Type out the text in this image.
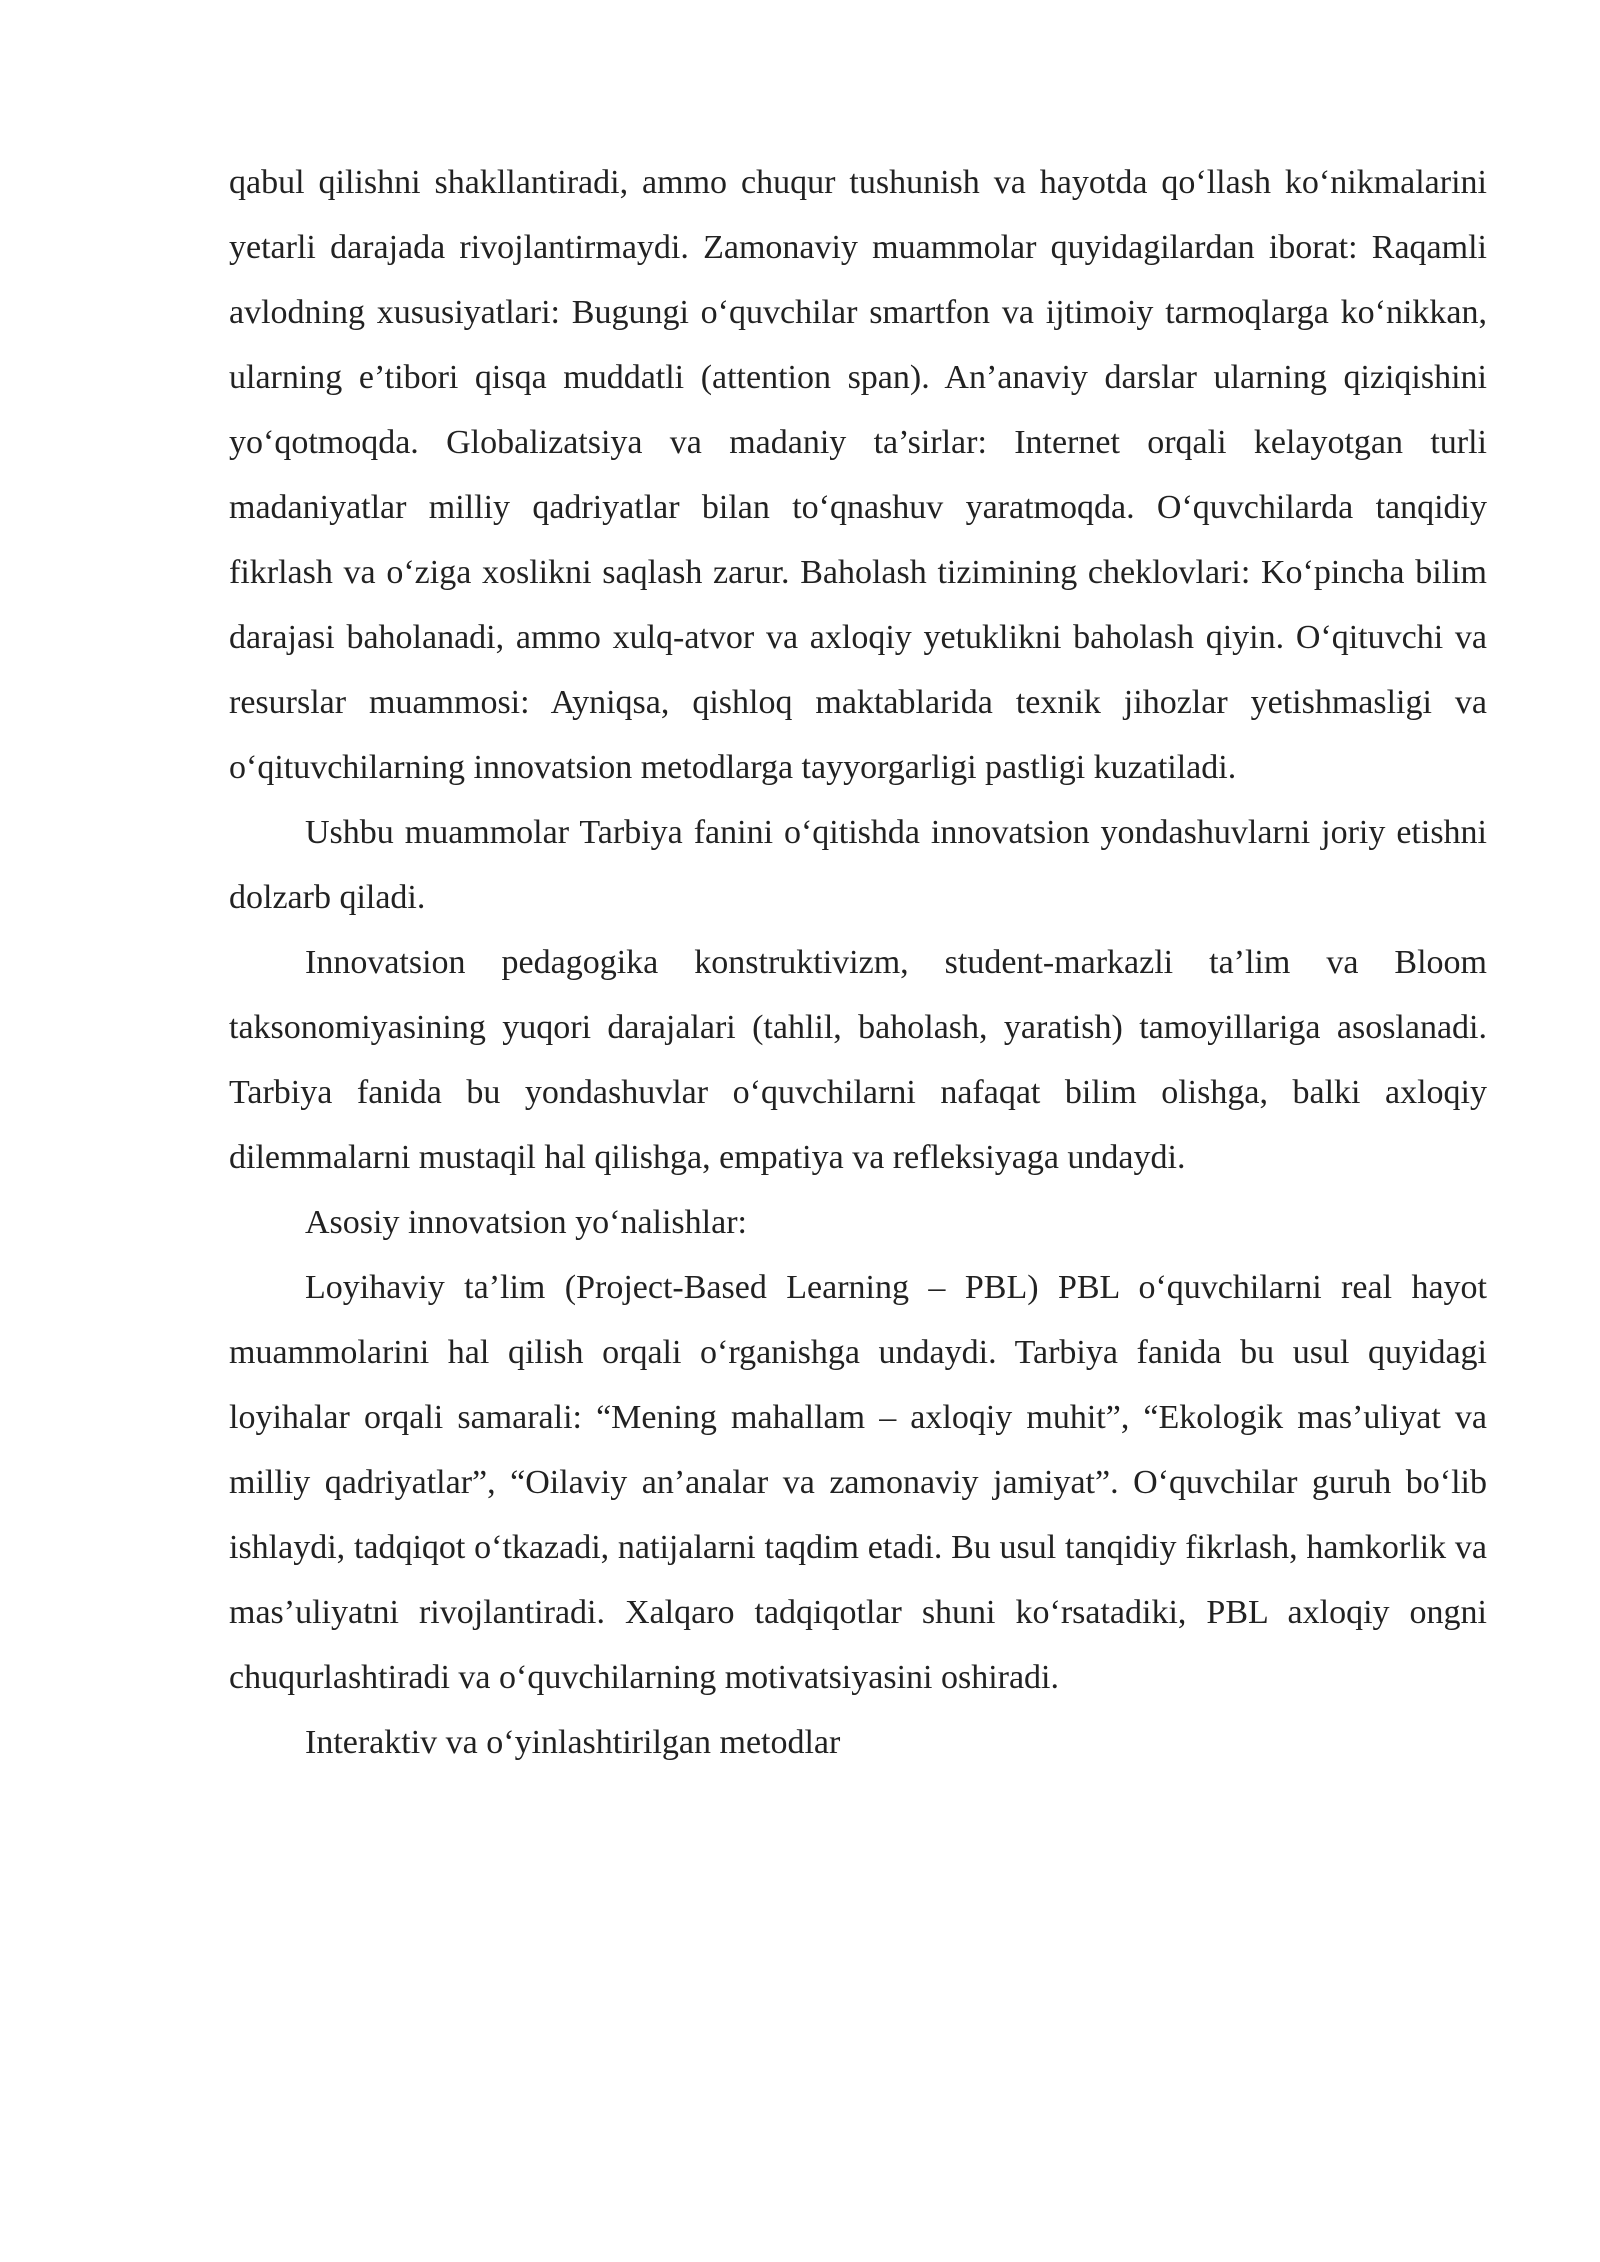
qabul qilishni shakllantiradi, ammo chuqur tushunish va hayotda qo‘llash ko‘nikmalarini yetarli darajada rivojlantirmaydi. Zamonaviy muammolar quyidagilardan iborat: Raqamli avlodning xususiyatlari: Bugungi o‘quvchilar smartfon va ijtimoiy tarmoqlarga ko‘nikkan, ularning e’tibori qisqa muddatli (attention span). An’anaviy darslar ularning qiziqishini yo‘qotmoqda. Globalizatsiya va madaniy ta’sirlar: Internet orqali kelayotgan turli madaniyatlar milliy qadriyatlar bilan to‘qnashuv yaratmoqda. O‘quvchilarda tanqidiy fikrlash va o‘ziga xoslikni saqlash zarur. Baholash tizimining cheklovlari: Ko‘pincha bilim darajasi baholanadi, ammo xulq-atvor va axloqiy yetuklikni baholash qiyin. O‘qituvchi va resurslar muammosi: Ayniqsa, qishloq maktablarida texnik jihozlar yetishmasligi va o‘qituvchilarning innovatsion metodlarga tayyorgarligi pastligi kuzatiladi.

Ushbu muammolar Tarbiya fanini o‘qitishda innovatsion yondashuvlarni joriy etishni dolzarb qiladi.

Innovatsion pedagogika konstruktivizm, student-markazli ta’lim va Bloom taksonomiyasining yuqori darajalari (tahlil, baholash, yaratish) tamoyillariga asoslanadi. Tarbiya fanida bu yondashuvlar o‘quvchilarni nafaqat bilim olishga, balki axloqiy dilemmalarni mustaqil hal qilishga, empatiya va refleksiyaga undaydi.

Asosiy innovatsion yo‘nalishlar:

Loyihaviy ta’lim (Project-Based Learning – PBL) PBL o‘quvchilarni real hayot muammolarini hal qilish orqali o‘rganishga undaydi. Tarbiya fanida bu usul quyidagi loyihalar orqali samarali: “Mening mahallam – axloqiy muhit”, “Ekologik mas’uliyat va milliy qadriyatlar”, “Oilaviy an’analar va zamonaviy jamiyat”. O‘quvchilar guruh bo‘lib ishlaydi, tadqiqot o‘tkazadi, natijalarni taqdim etadi. Bu usul tanqidiy fikrlash, hamkorlik va mas’uliyatni rivojlantiradi. Xalqaro tadqiqotlar shuni ko‘rsatadiki, PBL axloqiy ongni chuqurlashtiradi va o‘quvchilarning motivatsiyasini oshiradi.

Interaktiv va o‘yinlashtirilgan metodlar
